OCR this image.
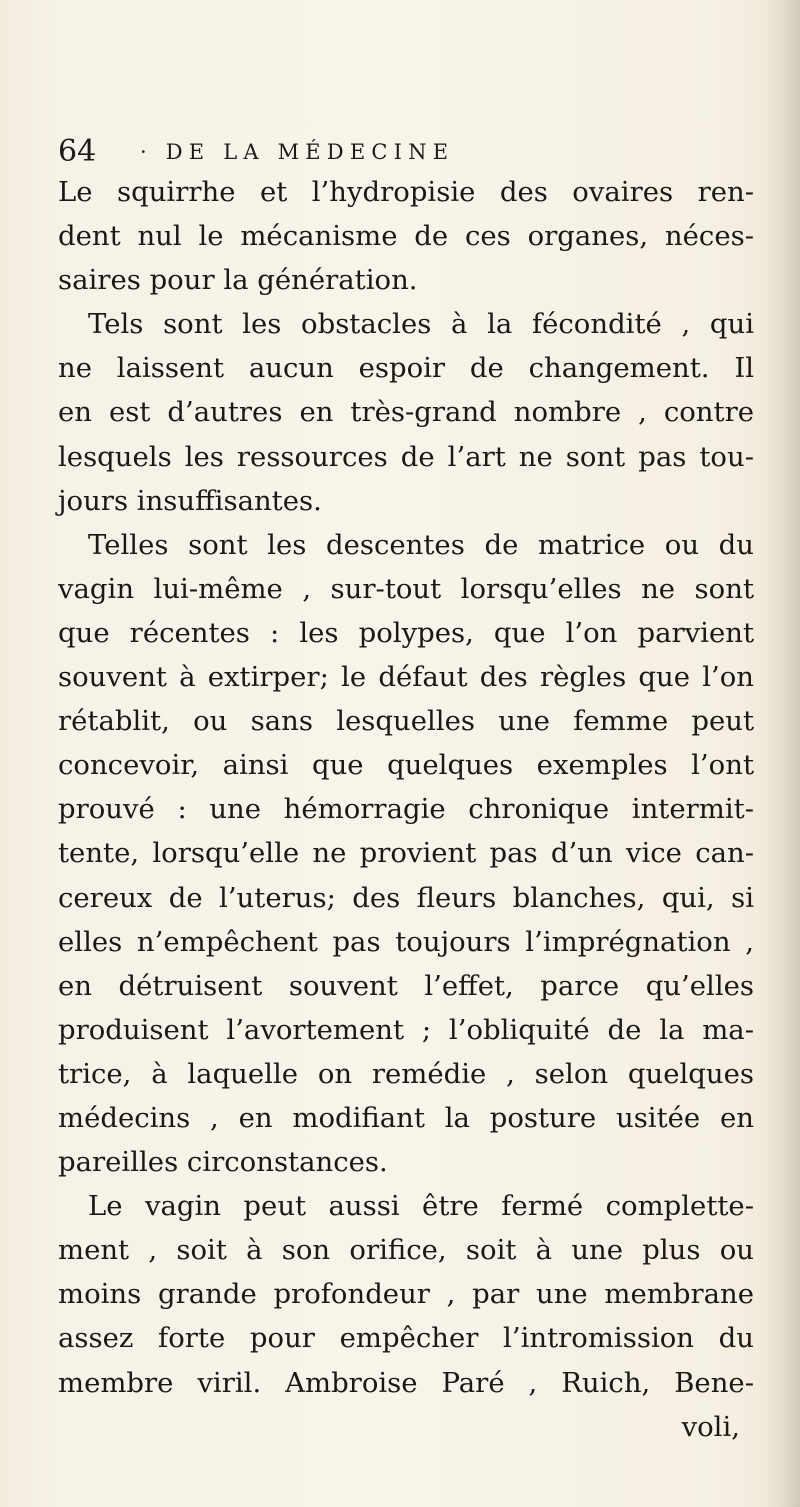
64 · DE LA MÉDECINE
Le squirrhe et l’hydropisie des ovaires ren-
dent nul le mécanisme de ces organes, néces-
saires pour la génération.
Tels sont les obstacles à la fécondité , qui
ne laissent aucun espoir de changement. Il
en est d’autres en très-grand nombre , contre
lesquels les ressources de l’art ne sont pas tou-
jours insuffisantes.
Telles sont les descentes de matrice ou du
vagin lui-même , sur-tout lorsqu’elles ne sont
que récentes : les polypes, que l’on parvient
souvent à extirper; le défaut des règles que l’on
rétablit, ou sans lesquelles une femme peut
concevoir, ainsi que quelques exemples l’ont
prouvé : une hémorragie chronique intermit-
tente, lorsqu’elle ne provient pas d’un vice can-
cereux de l’uterus; des fleurs blanches, qui, si
elles n’empêchent pas toujours l’imprégnation ,
en détruisent souvent l’effet, parce qu’elles
produisent l’avortement ; l’obliquité de la ma-
trice, à laquelle on remédie , selon quelques
médecins , en modifiant la posture usitée en
pareilles circonstances.
Le vagin peut aussi être fermé complette-
ment , soit à son orifice, soit à une plus ou
moins grande profondeur , par une membrane
assez forte pour empêcher l’intromission du
membre viril. Ambroise Paré , Ruich, Bene-
voli,
